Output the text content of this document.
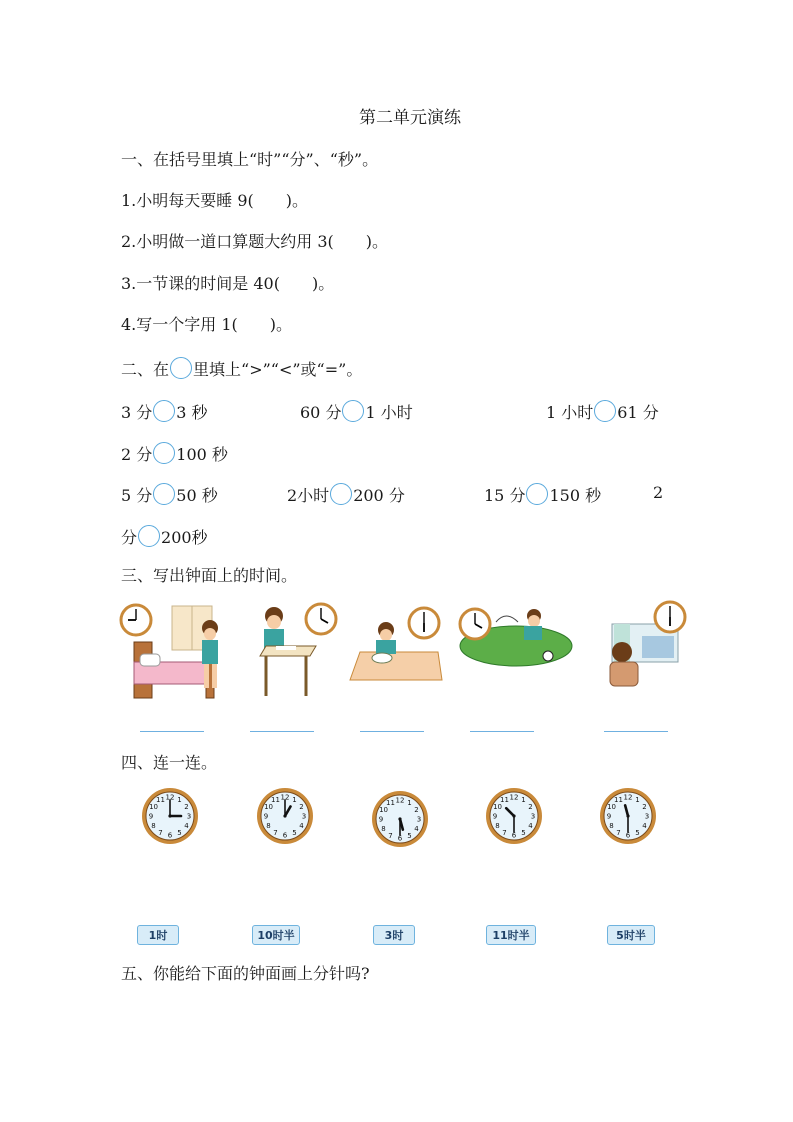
第二单元演练
一、在括号里填上“时”“分”、“秒”。
1.小明每天要睡 9(　　)。
2.小明做一道口算题大约用 3(　　)。
3.一节课的时间是 40(　　)。
4.写一个字用 1(　　)。
二、在 里填上“>”“<”或“=”。
3 分 3 秒	60 分 1 小时	1 小时 61 分
2 分 100 秒
5 分 50 秒	2小时 200 分	15 分 150 秒	2
分 200秒
三、写出钟面上的时间。
四、连一连。
1
2
3
4
5
6
7
8
9
10
11 12	1
2
3
4
5
6
7
8
9
10
11 12
1
2
3
4
5
6
7
8
9
10
11 12	1
2
3
4
5
6
7
8
9
10
11 12	1
2
3
4
5
6
7
8
9
10
11 12
1时	10时半	3时	11时半	5时半
五、你能给下面的钟面画上分针吗?
